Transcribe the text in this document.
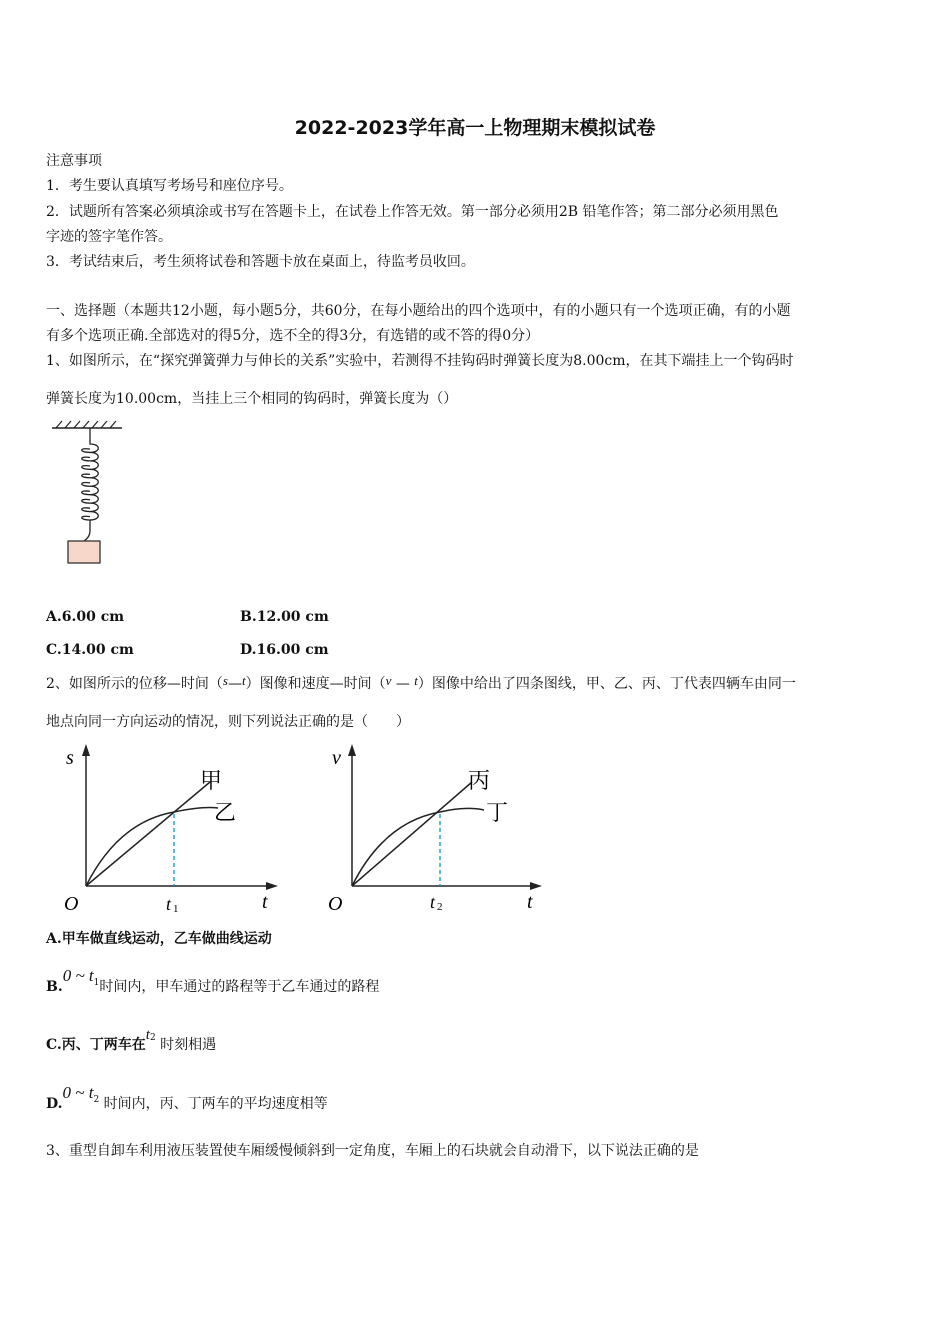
2022-2023学年高一上物理期末模拟试卷
注意事项
1．考生要认真填写考场号和座位序号。
2．试题所有答案必须填涂或书写在答题卡上，在试卷上作答无效。第一部分必须用2B 铅笔作答；第二部分必须用黑色
字迹的签字笔作答。
3．考试结束后，考生须将试卷和答题卡放在桌面上，待监考员收回。
一、选择题（本题共12小题，每小题5分，共60分，在每小题给出的四个选项中，有的小题只有一个选项正确，有的小题
有多个选项正确.全部选对的得5分，选不全的得3分，有选错的或不答的得0分）
1、如图所示，在“探究弹簧弹力与伸长的关系”实验中，若测得不挂钩码时弹簧长度为8.00cm，在其下端挂上一个钩码时
弹簧长度为10.00cm，当挂上三个相同的钩码时，弹簧长度为（）
A.6.00 cm	B.12.00 cm
C.14.00 cm	D.16.00 cm
2、如图所示的位移—时间（s—t）图像和速度—时间（v — t）图像中给出了四条图线，甲、乙、丙、丁代表四辆车由同一
地点向同一方向运动的情况，则下列说法正确的是（　　）
s
t
O	t 1
甲
乙
v
t
O	t 2
丙
丁
A.甲车做直线运动，乙车做曲线运动
B.0 ~ $t_1$时间内，甲车通过的路程等于乙车通过的路程
C.丙、丁两车在t2 时刻相遇
D.0 ~ $t_2$ 时间内，丙、丁两车的平均速度相等
3、重型自卸车利用液压装置使车厢缓慢倾斜到一定角度，车厢上的石块就会自动滑下，以下说法正确的是
